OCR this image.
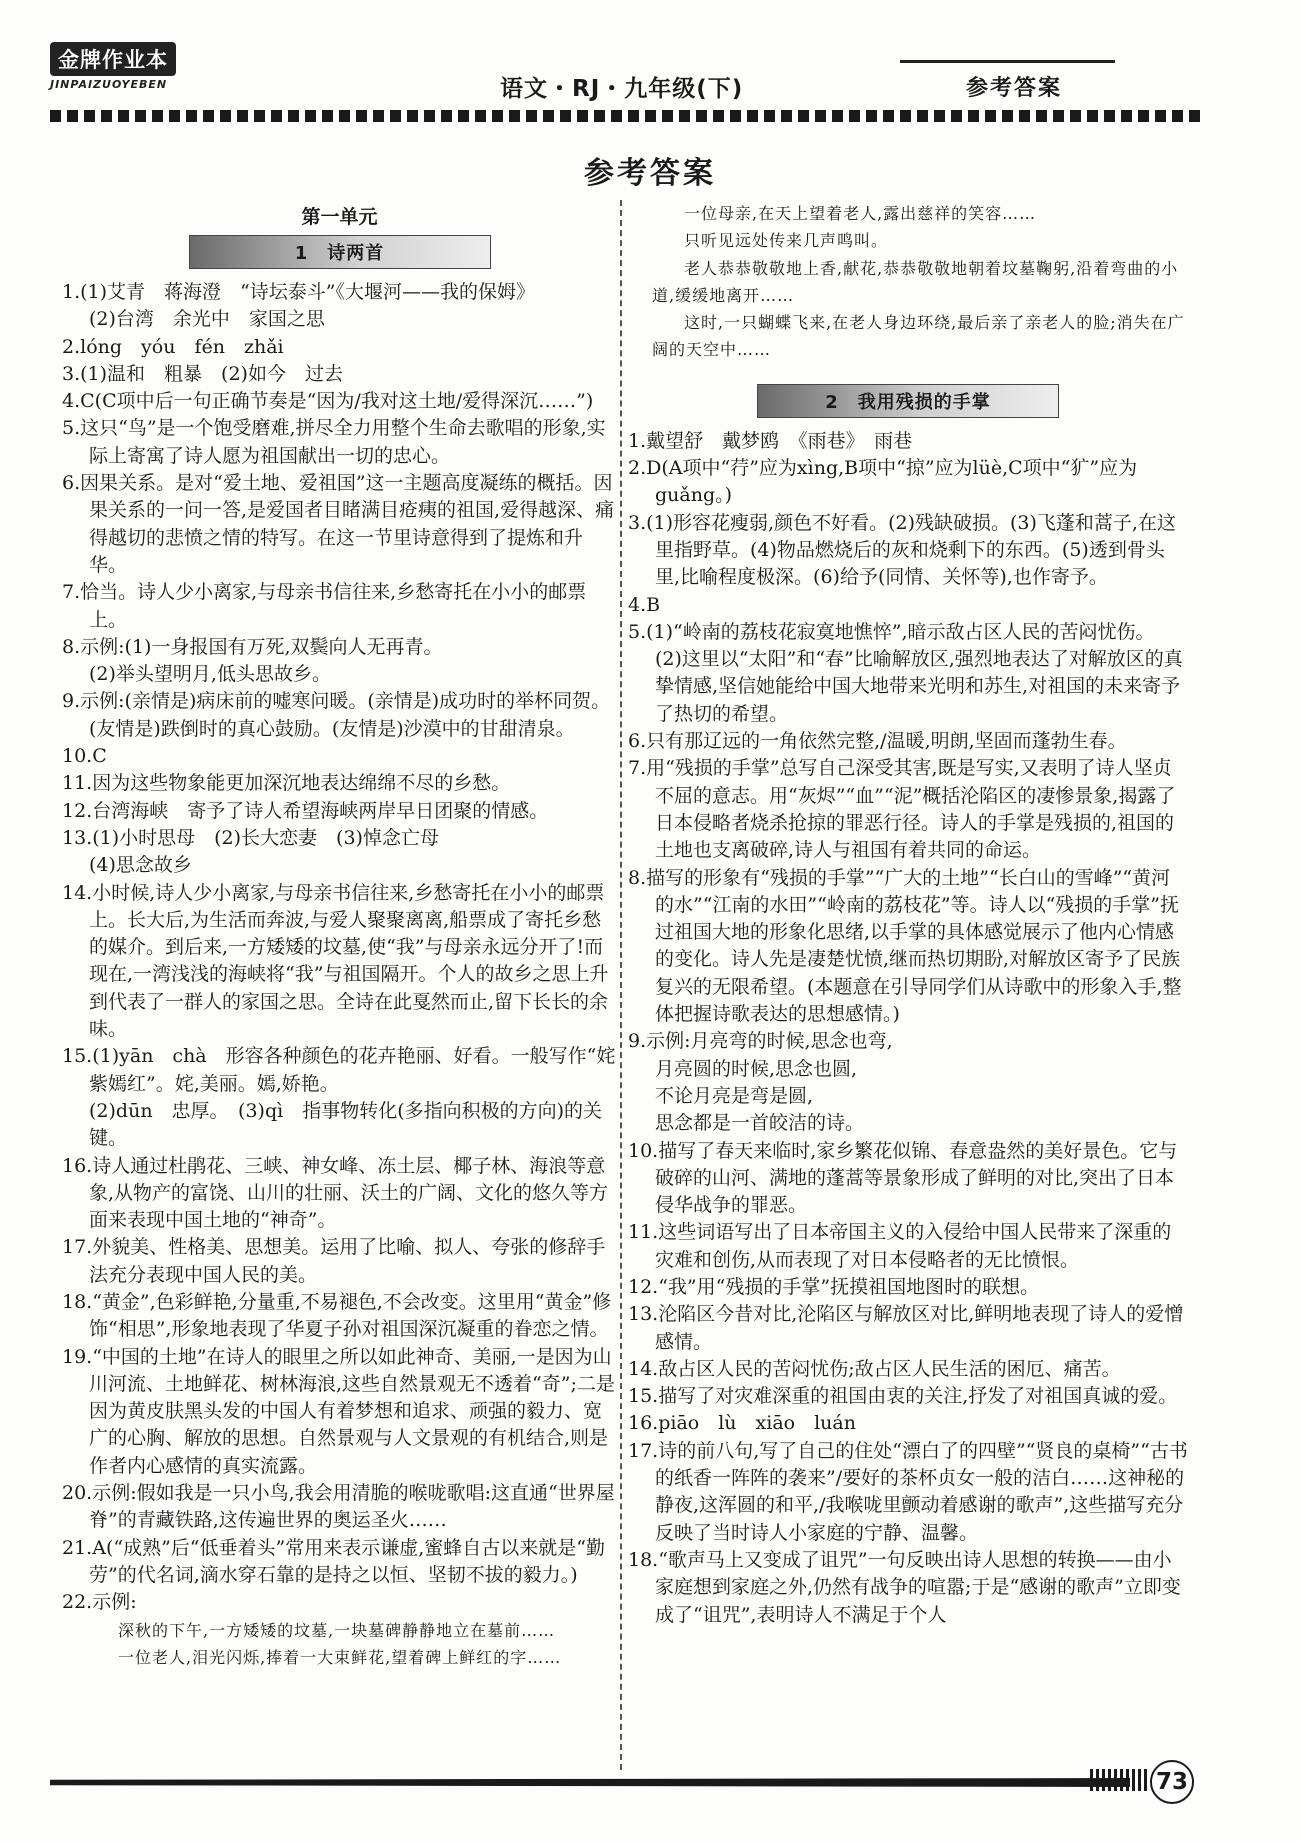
金牌作业本
JINPAIZUOYEBEN	语文・RJ・九年级(下)	参考答案
参考答案
第一单元
1　诗两首

1.(1)艾青　蒋海澄　“诗坛泰斗”《大堰河——我的保姆》

(2)台湾　余光中　家国之思

2.lóng　yóu　fén　zhǎi

3.(1)温和　粗暴　(2)如今　过去

4.C(C项中后一句正确节奏是“因为/我对这土地/爱得深沉……”)

5.这只“鸟”是一个饱受磨难,拼尽全力用整个生命去歌唱的形象,实际上寄寓了诗人愿为祖国献出一切的忠心。

6.因果关系。是对“爱土地、爱祖国”这一主题高度凝练的概括。因果关系的一问一答,是爱国者目睹满目疮痍的祖国,爱得越深、痛得越切的悲愤之情的特写。在这一节里诗意得到了提炼和升华。

7.恰当。诗人少小离家,与母亲书信往来,乡愁寄托在小小的邮票上。

8.示例:(1)一身报国有万死,双鬓向人无再青。

(2)举头望明月,低头思故乡。

9.示例:(亲情是)病床前的嘘寒问暖。(亲情是)成功时的举杯同贺。(友情是)跌倒时的真心鼓励。(友情是)沙漠中的甘甜清泉。

10.C

11.因为这些物象能更加深沉地表达绵绵不尽的乡愁。

12.台湾海峡　寄予了诗人希望海峡两岸早日团聚的情感。

13.(1)小时思母　(2)长大恋妻　(3)悼念亡母

(4)思念故乡

14.小时候,诗人少小离家,与母亲书信往来,乡愁寄托在小小的邮票上。长大后,为生活而奔波,与爱人聚聚离离,船票成了寄托乡愁的媒介。到后来,一方矮矮的坟墓,使“我”与母亲永远分开了!而现在,一湾浅浅的海峡将“我”与祖国隔开。个人的故乡之思上升到代表了一群人的家国之思。全诗在此戛然而止,留下长长的余味。

15.(1)yān　chà　形容各种颜色的花卉艳丽、好看。一般写作“姹紫嫣红”。姹,美丽。嫣,娇艳。

(2)dūn　忠厚。　(3)qì　指事物转化(多指向积极的方向)的关键。

16.诗人通过杜鹃花、三峡、神女峰、冻土层、椰子林、海浪等意象,从物产的富饶、山川的壮丽、沃土的广阔、文化的悠久等方面来表现中国土地的“神奇”。

17.外貌美、性格美、思想美。运用了比喻、拟人、夸张的修辞手法充分表现中国人民的美。

18.“黄金”,色彩鲜艳,分量重,不易褪色,不会改变。这里用“黄金”修饰“相思”,形象地表现了华夏子孙对祖国深沉凝重的眷恋之情。

19.“中国的土地”在诗人的眼里之所以如此神奇、美丽,一是因为山川河流、土地鲜花、树林海浪,这些自然景观无不透着“奇”;二是因为黄皮肤黑头发的中国人有着梦想和追求、顽强的毅力、宽广的心胸、解放的思想。自然景观与人文景观的有机结合,则是作者内心感情的真实流露。

20.示例:假如我是一只小鸟,我会用清脆的喉咙歌唱:这直通“世界屋脊”的青藏铁路,这传遍世界的奥运圣火……

21.A(“成熟”后“低垂着头”常用来表示谦虚,蜜蜂自古以来就是“勤劳”的代名词,滴水穿石靠的是持之以恒、坚韧不拔的毅力。)

22.示例:

深秋的下午,一方矮矮的坟墓,一块墓碑静静地立在墓前……

一位老人,泪光闪烁,捧着一大束鲜花,望着碑上鲜红的字……

一位母亲,在天上望着老人,露出慈祥的笑容……

只听见远处传来几声鸣叫。

老人恭恭敬敬地上香,献花,恭恭敬敬地朝着坟墓鞠躬,沿着弯曲的小道,缓缓地离开……

这时,一只蝴蝶飞来,在老人身边环绕,最后亲了亲老人的脸;消失在广阔的天空中……

2　我用残损的手掌

1.戴望舒　戴梦鸥　《雨巷》　雨巷

2.D(A项中“荇”应为xìng,B项中“掠”应为lüè,C项中“犷”应为guǎng。)

3.(1)形容花瘦弱,颜色不好看。(2)残缺破损。(3)飞蓬和蒿子,在这里指野草。(4)物品燃烧后的灰和烧剩下的东西。(5)透到骨头里,比喻程度极深。(6)给予(同情、关怀等),也作寄予。

4.B

5.(1)“岭南的荔枝花寂寞地憔悴”,暗示敌占区人民的苦闷忧伤。

(2)这里以“太阳”和“春”比喻解放区,强烈地表达了对解放区的真挚情感,坚信她能给中国大地带来光明和苏生,对祖国的未来寄予了热切的希望。

6.只有那辽远的一角依然完整,/温暖,明朗,坚固而蓬勃生春。

7.用“残损的手掌”总写自己深受其害,既是写实,又表明了诗人坚贞不屈的意志。用“灰烬”“血”“泥”概括沦陷区的凄惨景象,揭露了日本侵略者烧杀抢掠的罪恶行径。诗人的手掌是残损的,祖国的土地也支离破碎,诗人与祖国有着共同的命运。

8.描写的形象有“残损的手掌”“广大的土地”“长白山的雪峰”“黄河的水”“江南的水田”“岭南的荔枝花”等。诗人以“残损的手掌”抚过祖国大地的形象化思绪,以手掌的具体感觉展示了他内心情感的变化。诗人先是凄楚忧愤,继而热切期盼,对解放区寄予了民族复兴的无限希望。(本题意在引导同学们从诗歌中的形象入手,整体把握诗歌表达的思想感情。)

9.示例:月亮弯的时候,思念也弯,

月亮圆的时候,思念也圆,

不论月亮是弯是圆,

思念都是一首皎洁的诗。

10.描写了春天来临时,家乡繁花似锦、春意盎然的美好景色。它与破碎的山河、满地的蓬蒿等景象形成了鲜明的对比,突出了日本侵华战争的罪恶。

11.这些词语写出了日本帝国主义的入侵给中国人民带来了深重的灾难和创伤,从而表现了对日本侵略者的无比愤恨。

12.“我”用“残损的手掌”抚摸祖国地图时的联想。

13.沦陷区今昔对比,沦陷区与解放区对比,鲜明地表现了诗人的爱憎感情。

14.敌占区人民的苦闷忧伤;敌占区人民生活的困厄、痛苦。

15.描写了对灾难深重的祖国由衷的关注,抒发了对祖国真诚的爱。

16.piāo　lù　xiāo　luán

17.诗的前八句,写了自己的住处“漂白了的四壁”“贤良的桌椅”“古书的纸香一阵阵的袭来”/要好的茶杯贞女一般的洁白……这神秘的静夜,这浑圆的和平,/我喉咙里颤动着感谢的歌声”,这些描写充分反映了当时诗人小家庭的宁静、温馨。

18.“歌声马上又变成了诅咒”一句反映出诗人思想的转换——由小家庭想到家庭之外,仍然有战争的喧嚣;于是“感谢的歌声”立即变成了“诅咒”,表明诗人不满足于个人

73
